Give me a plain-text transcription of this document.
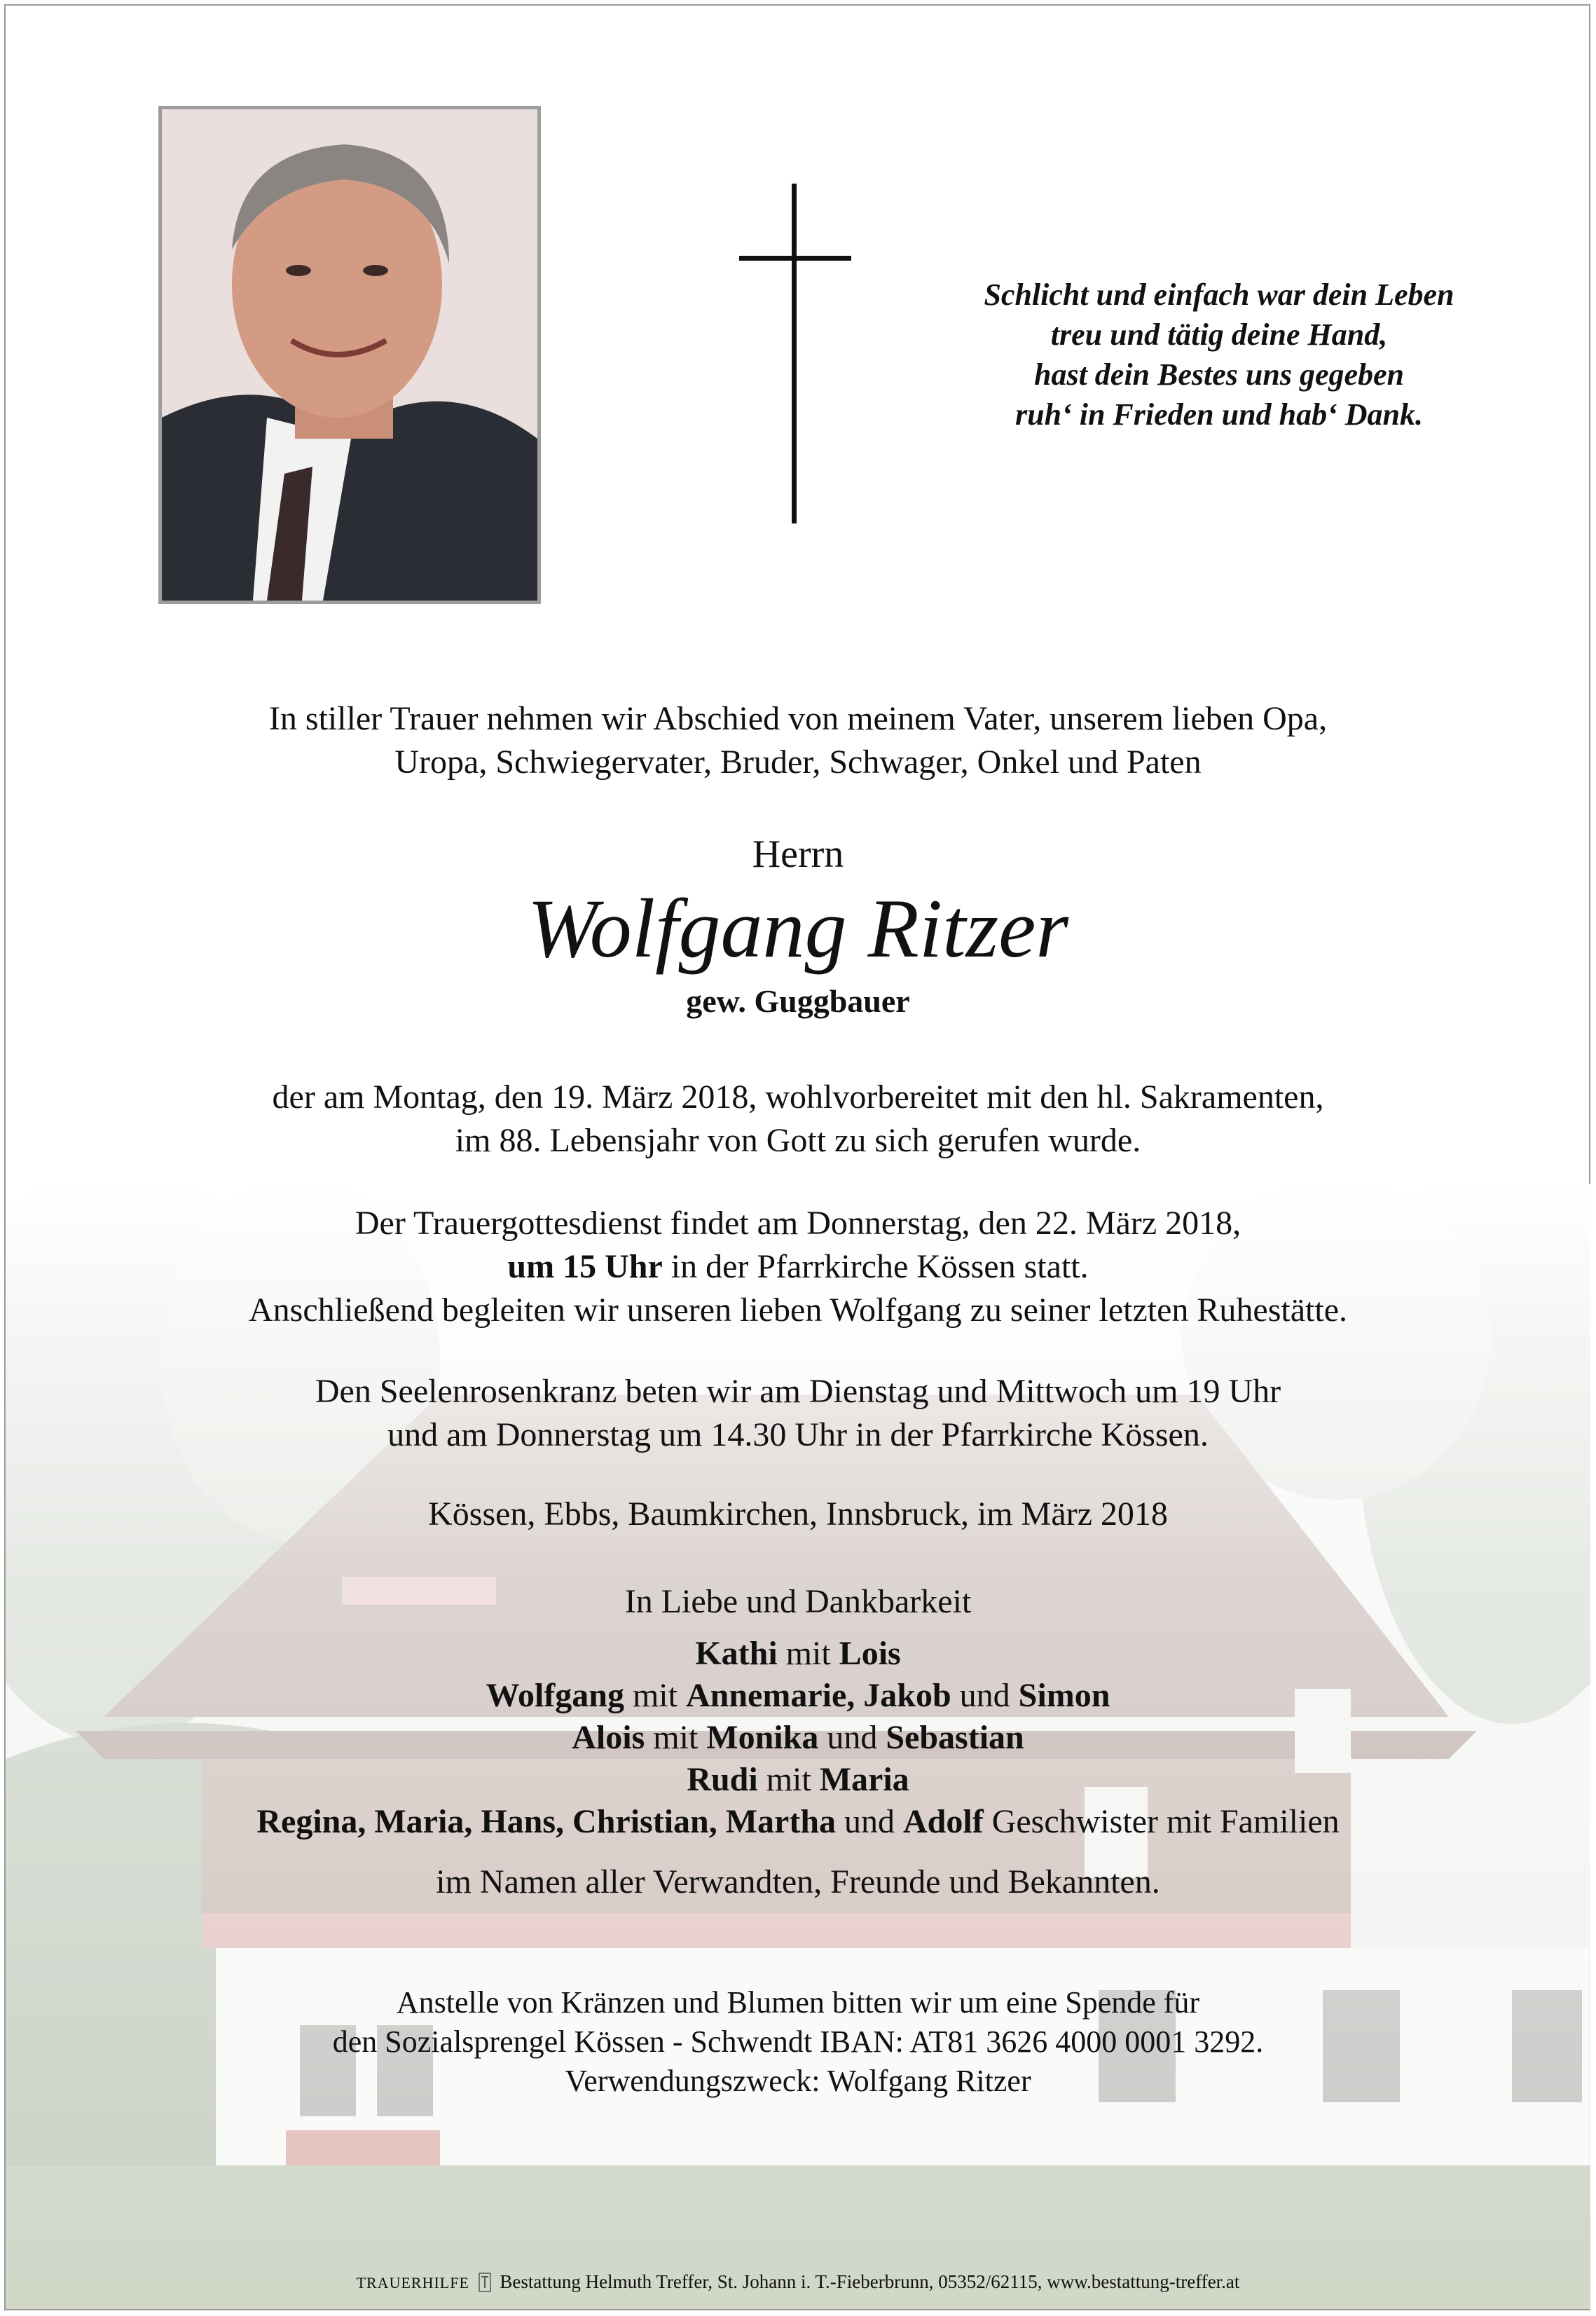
Schlicht und einfach war dein Leben
treu und tätig deine Hand,
hast dein Bestes uns gegeben
ruh‘ in Frieden und hab‘ Dank.
In stiller Trauer nehmen wir Abschied von meinem Vater, unserem lieben Opa,
Uropa, Schwiegervater, Bruder, Schwager, Onkel und Paten
Herrn
Wolfgang Ritzer
gew. Guggbauer
der am Montag, den 19. März 2018, wohlvorbereitet mit den hl. Sakramenten,
im 88. Lebensjahr von Gott zu sich gerufen wurde.
Der Trauergottesdienst findet am Donnerstag, den 22. März 2018,
um 15 Uhr in der Pfarrkirche Kössen statt.
Anschließend begleiten wir unseren lieben Wolfgang zu seiner letzten Ruhestätte.
Den Seelenrosenkranz beten wir am Dienstag und Mittwoch um 19 Uhr
und am Donnerstag um 14.30 Uhr in der Pfarrkirche Kössen.
Kössen, Ebbs, Baumkirchen, Innsbruck, im März 2018
In Liebe und Dankbarkeit
Kathi mit Lois
Wolfgang mit Annemarie, Jakob und Simon
Alois mit Monika und Sebastian
Rudi mit Maria
Regina, Maria, Hans, Christian, Martha und Adolf Geschwister mit Familien
im Namen aller Verwandten, Freunde und Bekannten.
Anstelle von Kränzen und Blumen bitten wir um eine Spende für
den Sozialsprengel Kössen - Schwendt IBAN: AT81 3626 4000 0001 3292.
Verwendungszweck: Wolfgang Ritzer
TRAUERHILFE Bestattung Helmuth Treffer, St. Johann i. T.-Fieberbrunn, 05352/62115, www.bestattung-treffer.at
